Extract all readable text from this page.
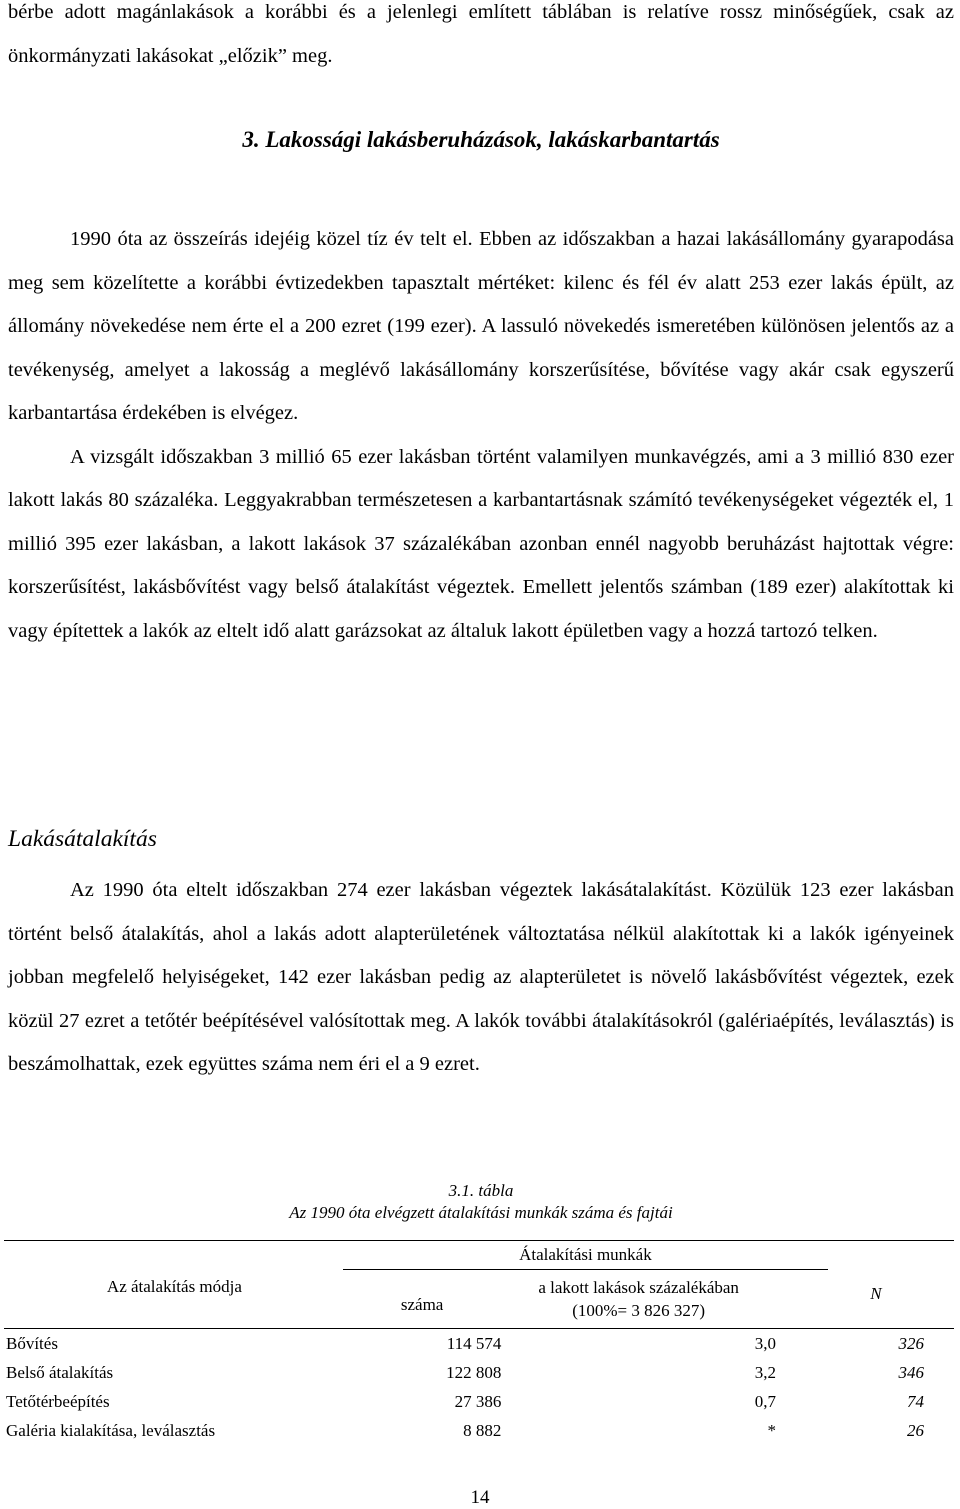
bérbe adott magánlakások a korábbi és a jelenlegi említett táblában is relatíve rossz minőségűek, csak az önkormányzati lakásokat „előzik” meg.

3. Lakossági lakásberuházások, lakáskarbantartás

1990 óta az összeírás idejéig közel tíz év telt el. Ebben az időszakban a hazai lakásállomány gyarapodása meg sem közelítette a korábbi évtizedekben tapasztalt mértéket: kilenc és fél év alatt 253 ezer lakás épült, az állomány növekedése nem érte el a 200 ezret (199 ezer). A lassuló növekedés ismeretében különösen jelentős az a tevékenység, amelyet a lakosság a meglévő lakásállomány korszerűsítése, bővítése vagy akár csak egyszerű karbantartása érdekében is elvégez.

A vizsgált időszakban 3 millió 65 ezer lakásban történt valamilyen munkavégzés, ami a 3 millió 830 ezer lakott lakás 80 százaléka. Leggyakrabban természetesen a karbantartásnak számító tevékenységeket végezték el, 1 millió 395 ezer lakásban, a lakott lakások 37 százalékában azonban ennél nagyobb beruházást hajtottak végre: korszerűsítést, lakásbővítést vagy belső átalakítást végeztek. Emellett jelentős számban (189 ezer) alakítottak ki vagy építettek a lakók az eltelt idő alatt garázsokat az általuk lakott épületben vagy a hozzá tartozó telken.

Lakásátalakítás

Az 1990 óta eltelt időszakban 274 ezer lakásban végeztek lakásátalakítást. Közülük 123 ezer lakásban történt belső átalakítás, ahol a lakás adott alapterületének változtatása nélkül alakítottak ki a lakók igényeinek jobban megfelelő helyiségeket, 142 ezer lakásban pedig az alapterületet is növelő lakásbővítést végeztek, ezek közül 27 ezret a tetőtér beépítésével valósítottak meg. A lakók további átalakításokról (galériaépítés, leválasztás) is beszámolhattak, ezek együttes száma nem éri el a 9 ezret.

3.1. tábla
Az 1990 óta elvégzett átalakítási munkák száma és fajtái
Az átalakítás módja	Átalakítási munkák		N
	száma	a lakott lakások százalékában
(100%= 3 826 327)	

Bővítés	114 574	3,0	326
Belső átalakítás	122 808	3,2	346
Tetőtérbeépítés	27 386	0,7	74
Galéria kialakítása, leválasztás	8 882	*	26
14
